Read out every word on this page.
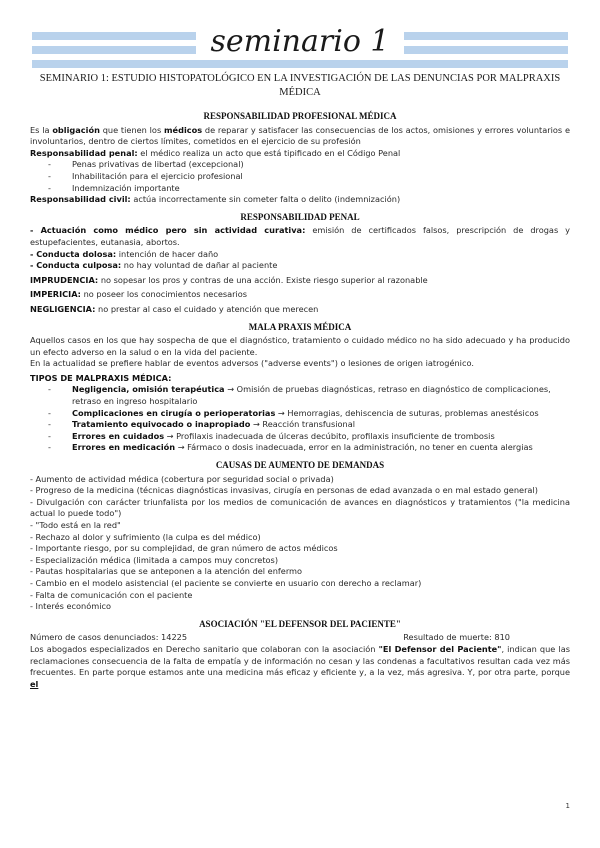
seminario 1
SEMINARIO 1: ESTUDIO HISTOPATOLÓGICO EN LA INVESTIGACIÓN DE LAS DENUNCIAS POR MALPRAXIS MÉDICA
RESPONSABILIDAD PROFESIONAL MÉDICA

Es la obligación que tienen los médicos de reparar y satisfacer las consecuencias de los actos, omisiones y errores voluntarios e involuntarios, dentro de ciertos límites, cometidos en el ejercicio de su profesión

Responsabilidad penal: el médico realiza un acto que está tipificado en el Código Penal

- Penas privativas de libertad (excepcional)
- Inhabilitación para el ejercicio profesional
- Indemnización importante

Responsabilidad civil: actúa incorrectamente sin cometer falta o delito (indemnización)

RESPONSABILIDAD PENAL

- Actuación como médico pero sin actividad curativa: emisión de certificados falsos, prescripción de drogas y estupefacientes, eutanasia, abortos.

- Conducta dolosa: intención de hacer daño

- Conducta culposa: no hay voluntad de dañar al paciente

IMPRUDENCIA: no sopesar los pros y contras de una acción. Existe riesgo superior al razonable

IMPERICIA: no poseer los conocimientos necesarios

NEGLIGENCIA: no prestar al caso el cuidado y atención que merecen

MALA PRAXIS MÉDICA

Aquellos casos en los que hay sospecha de que el diagnóstico, tratamiento o cuidado médico no ha sido adecuado y ha producido un efecto adverso en la salud o en la vida del paciente.

En la actualidad se prefiere hablar de eventos adversos ("adverse events") o lesiones de origen iatrogénico.

TIPOS DE MALPRAXIS MÉDICA:

- Negligencia, omisión terapéutica → Omisión de pruebas diagnósticas, retraso en diagnóstico de complicaciones, retraso en ingreso hospitalario
- Complicaciones en cirugía o perioperatorias → Hemorragias, dehiscencia de suturas, problemas anestésicos
- Tratamiento equivocado o inapropiado → Reacción transfusional
- Errores en cuidados → Profilaxis inadecuada de úlceras decúbito, profilaxis insuficiente de trombosis
- Errores en medicación → Fármaco o dosis inadecuada, error en la administración, no tener en cuenta alergias
CAUSAS DE AUMENTO DE DEMANDAS

- Aumento de actividad médica (cobertura por seguridad social o privada)

- Progreso de la medicina (técnicas diagnósticas invasivas, cirugía en personas de edad avanzada o en mal estado general)

- Divulgación con carácter triunfalista por los medios de comunicación de avances en diagnósticos y tratamientos ("la medicina actual lo puede todo")

- "Todo está en la red"

- Rechazo al dolor y sufrimiento (la culpa es del médico)

- Importante riesgo, por su complejidad, de gran número de actos médicos

- Especialización médica (limitada a campos muy concretos)

- Pautas hospitalarias que se anteponen a la atención del enfermo

- Cambio en el modelo asistencial (el paciente se convierte en usuario con derecho a reclamar)

- Falta de comunicación con el paciente

- Interés económico

ASOCIACIÓN "EL DEFENSOR DEL PACIENTE"
Número de casos denunciados: 14225	Resultado de muerte: 810

Los abogados especializados en Derecho sanitario que colaboran con la asociación "El Defensor del Paciente", indican que las reclamaciones consecuencia de la falta de empatía y de información no cesan y las condenas a facultativos resultan cada vez más frecuentes. En parte porque estamos ante una medicina más eficaz y eficiente y, a la vez, más agresiva. Y, por otra parte, porque el

1
